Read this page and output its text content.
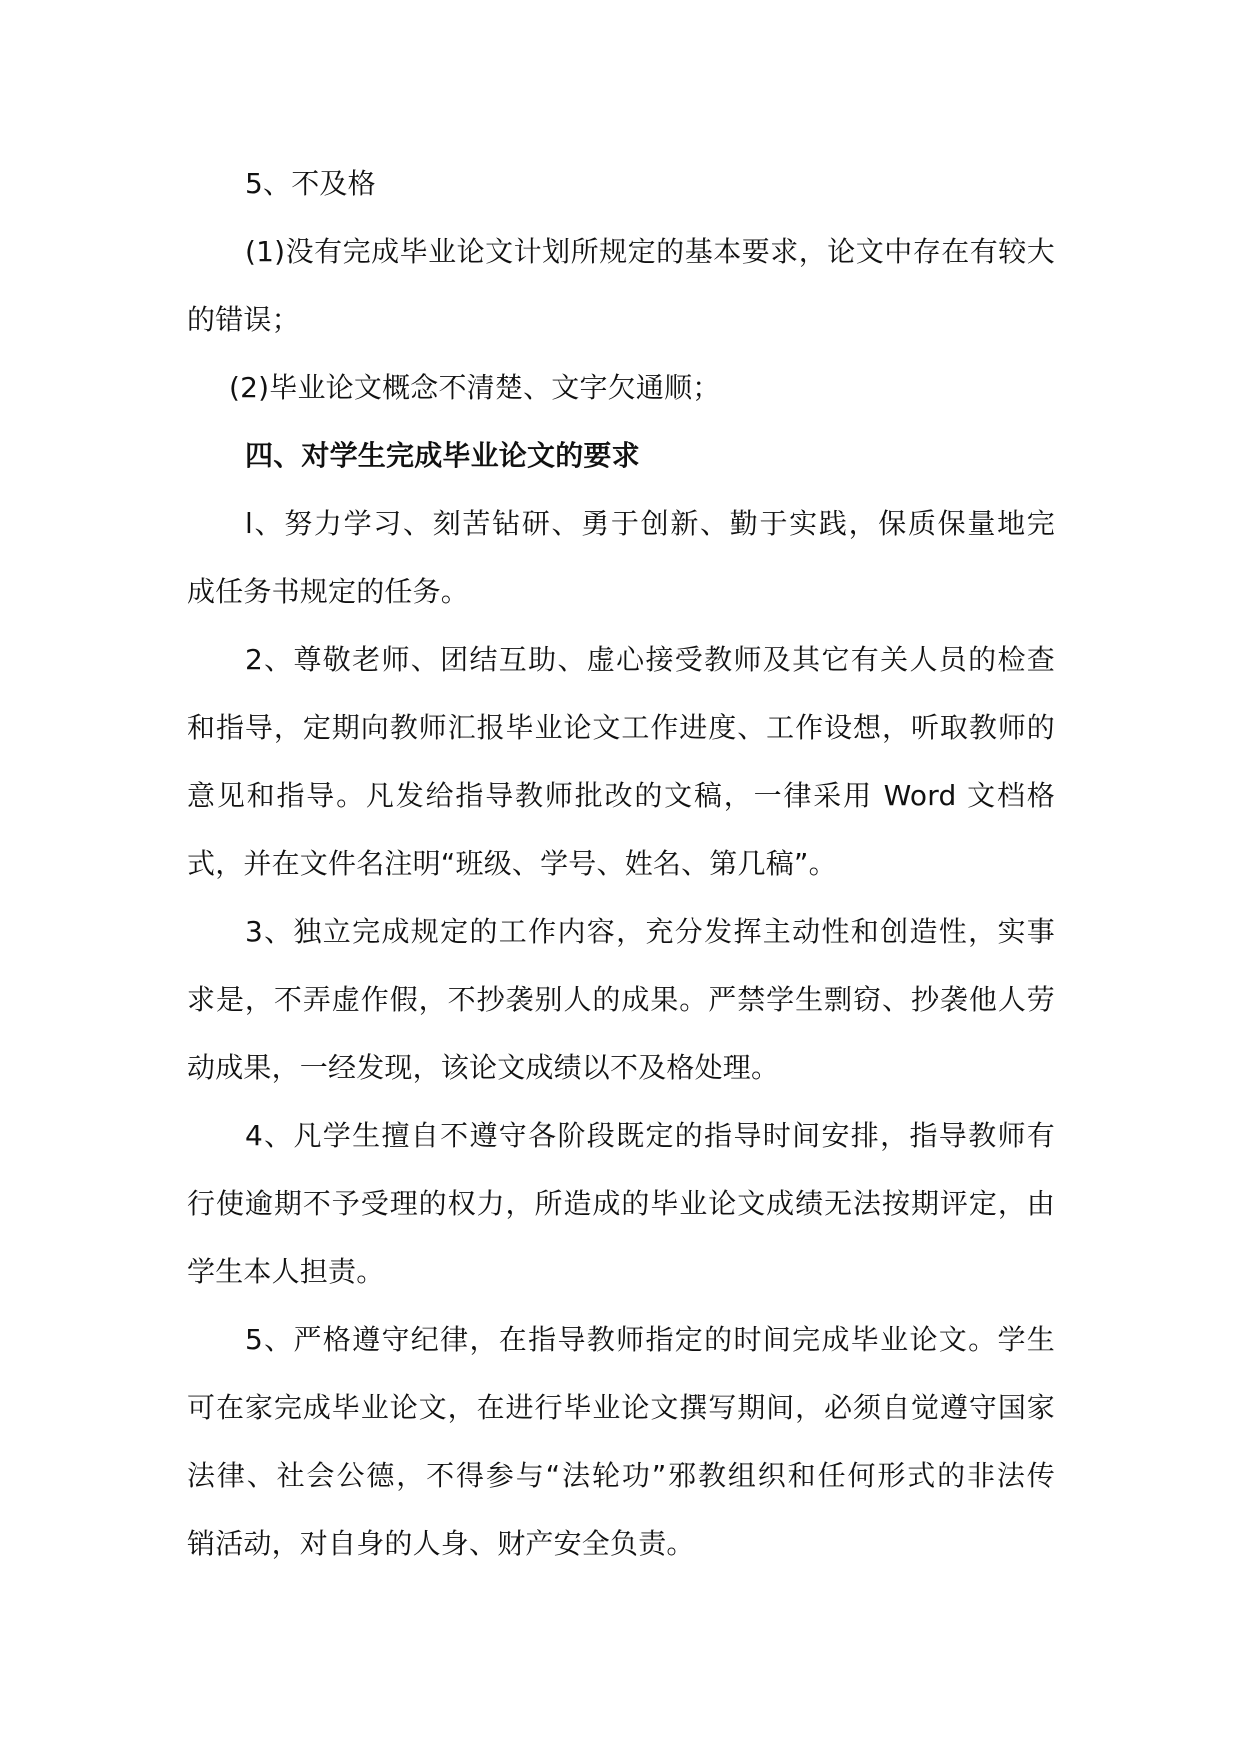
5、不及格
(1)没有完成毕业论文计划所规定的基本要求，论文中存在有较大
的错误；
(2)毕业论文概念不清楚、文字欠通顺；
四、对学生完成毕业论文的要求
l、努力学习、刻苦钻研、勇于创新、勤于实践，保质保量地完
成任务书规定的任务。
2、尊敬老师、团结互助、虚心接受教师及其它有关人员的检查
和指导，定期向教师汇报毕业论文工作进度、工作设想，听取教师的
意见和指导。凡发给指导教师批改的文稿，一律采用 Word 文档格
式，并在文件名注明“班级、学号、姓名、第几稿”。
3、独立完成规定的工作内容，充分发挥主动性和创造性，实事
求是，不弄虚作假，不抄袭别人的成果。严禁学生剽窃、抄袭他人劳
动成果，一经发现，该论文成绩以不及格处理。
4、凡学生擅自不遵守各阶段既定的指导时间安排，指导教师有
行使逾期不予受理的权力，所造成的毕业论文成绩无法按期评定，由
学生本人担责。
5、严格遵守纪律，在指导教师指定的时间完成毕业论文。学生
可在家完成毕业论文，在进行毕业论文撰写期间，必须自觉遵守国家
法律、社会公德，不得参与“法轮功”邪教组织和任何形式的非法传
销活动，对自身的人身、财产安全负责。
